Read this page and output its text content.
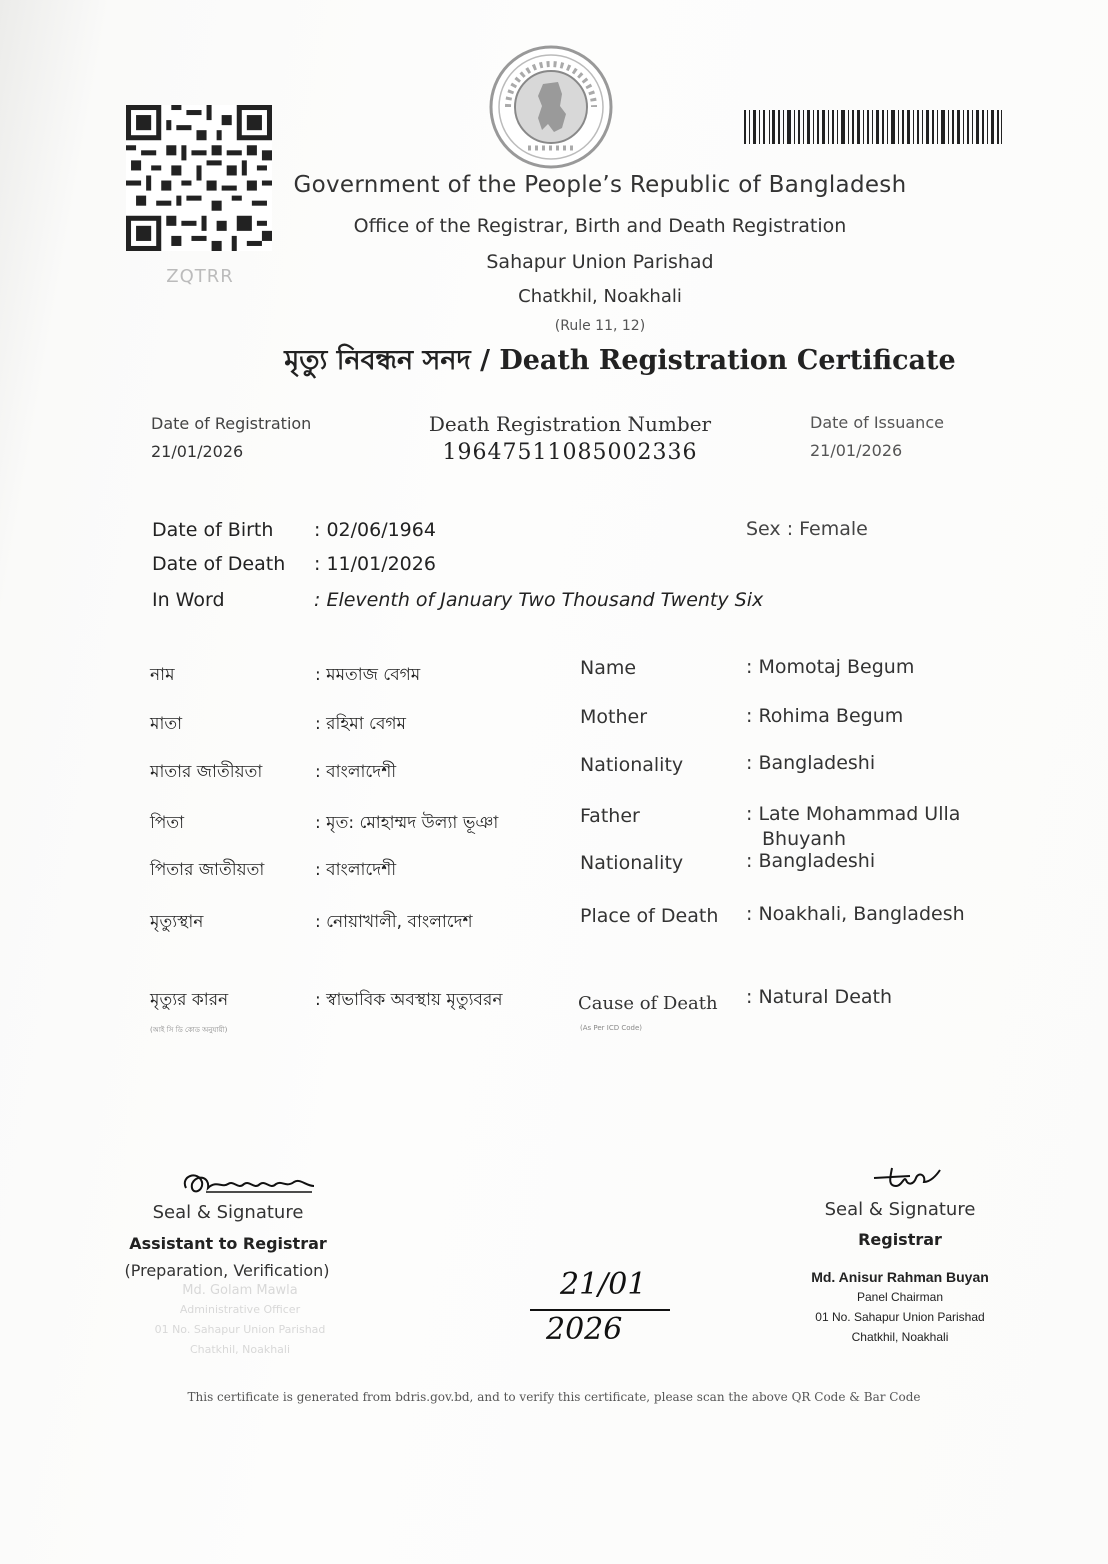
ZQTRR
Government of the People’s Republic of Bangladesh
Office of the Registrar, Birth and Death Registration
Sahapur Union Parishad
Chatkhil, Noakhali
(Rule 11, 12)
মৃত্যু নিবন্ধন সনদ / Death Registration Certificate
Date of Registration
21/01/2026
Death Registration Number
19647511085002336
Date of Issuance
21/01/2026
Date of Birth : 02/06/1964
Date of Death : 11/01/2026
In Word	: Eleventh of January Two Thousand Twenty Six
Sex : Female
নাম	: মমতাজ বেগম
মাতা	: রহিমা বেগম
মাতার জাতীয়তা	: বাংলাদেশী
পিতা	: মৃত: মোহাম্মদ উল্যা ভূঞা
পিতার জাতীয়তা	: বাংলাদেশী
মৃত্যুস্থান	: নোয়াখালী, বাংলাদেশ
মৃত্যুর কারন
(আই সি ডি কোড অনুযায়ী)
: স্বাভাবিক অবস্থায় মৃত্যুবরন
Name	: Momotaj Begum
Mother	: Rohima Begum
Nationality	: Bangladeshi
Father	: Late Mohammad Ulla
Bhuyanh
Nationality	: Bangladeshi
Place of Death : Noakhali, Bangladesh
Cause of Death
(As Per ICD Code)
: Natural Death
Seal & Signature
Assistant to Registrar
(Preparation, Verification)
Md. Golam Mawla
Administrative Officer
01 No. Sahapur Union Parishad
Chatkhil, Noakhali
21/01
2026
Seal & Signature
Registrar
Md. Anisur Rahman Buyan
Panel Chairman
01 No. Sahapur Union Parishad
Chatkhil, Noakhali
This certificate is generated from bdris.gov.bd, and to verify this certificate, please scan the above QR Code & Bar Code
